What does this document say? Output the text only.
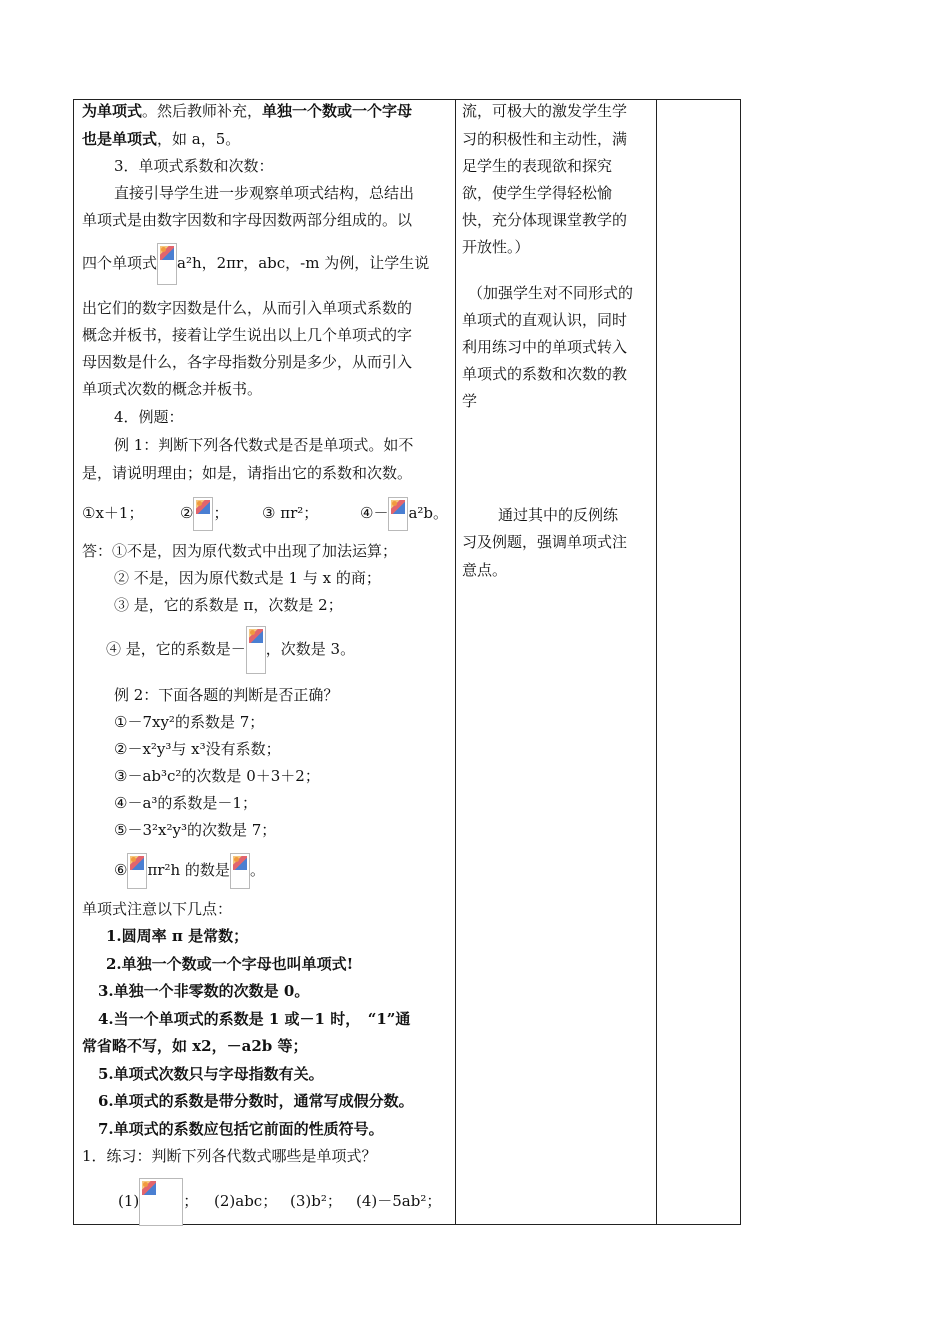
为单项式。然后教师补充，单独一个数或一个字母
也是单项式，如 a，5。
3．单项式系数和次数：
直接引导学生进一步观察单项式结构，总结出
单项式是由数字因数和字母因数两部分组成的。以
四个单项式 a²h，2πr，abc，-m 为例，让学生说
出它们的数字因数是什么，从而引入单项式系数的
概念并板书，接着让学生说出以上几个单项式的字
母因数是什么，各字母指数分别是多少，从而引入
单项式次数的概念并板书。
4．例题：
例 1：判断下列各代数式是否是单项式。如不
是，请说明理由；如是，请指出它的系数和次数。
①x＋1； ② ； ③ πr²；	④－ a²b。
答：①不是，因为原代数式中出现了加法运算；
② 不是，因为原代数式是 1 与 x 的商；
③ 是，它的系数是 π，次数是 2；
④ 是，它的系数是－ ，次数是 3。
例 2：下面各题的判断是否正确？
①－7xy²的系数是 7；
②－x²y³与 x³没有系数；
③－ab³c²的次数是 0＋3＋2；
④－a³的系数是－1；
⑤－3²x²y³的次数是 7；
⑥ πr²h 的数是 。
单项式注意以下几点：
1.圆周率 π 是常数；
2.单独一个数或一个字母也叫单项式!
3.单独一个非零数的次数是 0。
4.当一个单项式的系数是 1 或－1 时，　“1”通
常省略不写，如 x2，－a2b 等；
5.单项式次数只与字母指数有关。
6.单项式的系数是带分数时，通常写成假分数。
7.单项式的系数应包括它前面的性质符号。
1．练习：判断下列各代数式哪些是单项式？
(1)	； (2)abc； (3)b²； (4)－5ab²；
流，可极大的激发学生学
习的积极性和主动性，满
足学生的表现欲和探究
欲，使学生学得轻松愉
快，充分体现课堂教学的
开放性。）
（加强学生对不同形式的
单项式的直观认识，同时
利用练习中的单项式转入
单项式的系数和次数的教
学
通过其中的反例练
习及例题，强调单项式注
意点。
